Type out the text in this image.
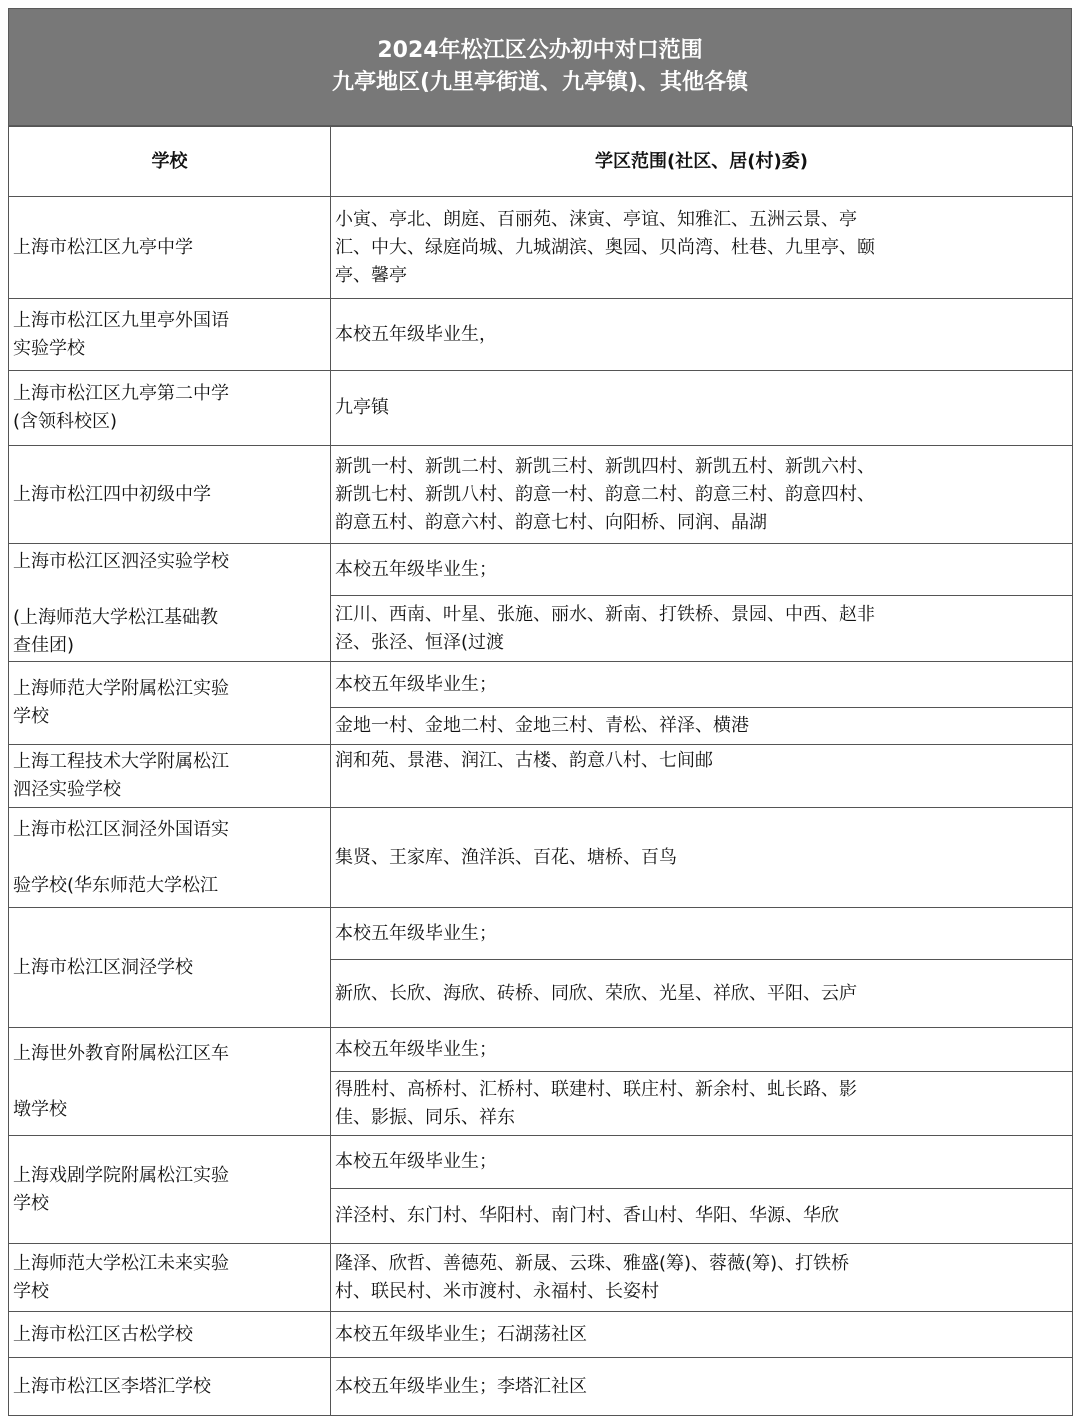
2024年松江区公办初中对口范围
九亭地区(九里亭街道、九亭镇)、其他各镇
学校	学区范围(社区、居(村)委)
上海市松江区九亭中学	小寅、亭北、朗庭、百丽苑、涞寅、亭谊、知雅汇、五洲云景、亭汇、中大、绿庭尚城、九城湖滨、奥园、贝尚湾、杜巷、九里亭、颐亭、馨亭

上海市松江区九里亭外国语
实验学校	本校五年级毕业生，

上海市松江区九亭第二中学
(含领科校区)	九亭镇
上海市松江四中初级中学	新凯一村、新凯二村、新凯三村、新凯四村、新凯五村、新凯六村、新凯七村、新凯八村、韵意一村、韵意二村、韵意三村、韵意四村、韵意五村、韵意六村、韵意七村、向阳桥、同润、晶湖

上海市松江区泗泾实验学校
(上海师范大学松江基础教
查佳团)	本校五年级毕业生；
	江川、西南、叶星、张施、丽水、新南、打铁桥、景园、中西、赵非泾、张泾、恒泽(过渡

上海师范大学附属松江实验
学校	本校五年级毕业生；
	金地一村、金地二村、金地三村、青松、祥泽、横港

上海工程技术大学附属松江
泗泾实验学校	润和苑、景港、润江、古楼、韵意八村、七间邮

上海市松江区洞泾外国语实
验学校(华东师范大学松江	集贤、王家库、渔洋浜、百花、塘桥、百鸟
上海市松江区洞泾学校	本校五年级毕业生；
	新欣、长欣、海欣、砖桥、同欣、荣欣、光星、祥欣、平阳、云庐

上海世外教育附属松江区车
墩学校	本校五年级毕业生；
	得胜村、高桥村、汇桥村、联建村、联庄村、新余村、虬长路、影佳、影振、同乐、祥东

上海戏剧学院附属松江实验
学校	本校五年级毕业生；
	洋泾村、东门村、华阳村、南门村、香山村、华阳、华源、华欣

上海师范大学松江未来实验
学校	隆泽、欣哲、善德苑、新晟、云珠、雅盛(筹)、蓉薇(筹)、打铁桥村、联民村、米市渡村、永福村、长姿村
上海市松江区古松学校	本校五年级毕业生；石湖荡社区
上海市松江区李塔汇学校	本校五年级毕业生；李塔汇社区
